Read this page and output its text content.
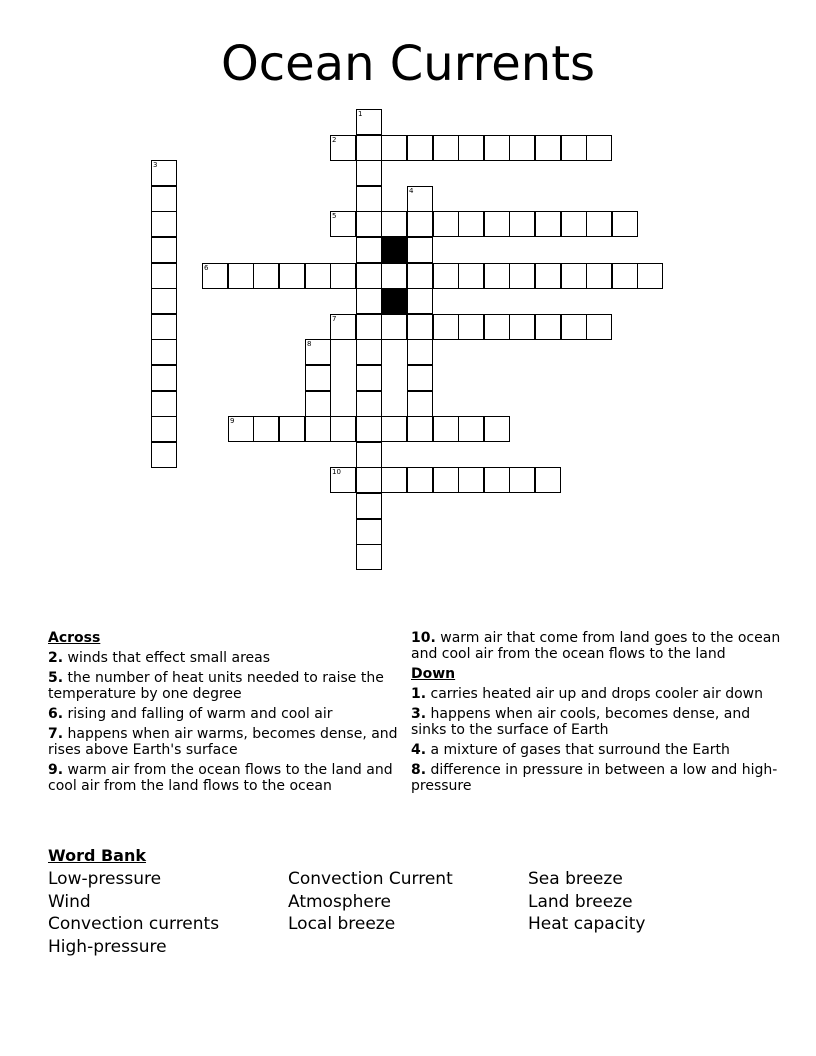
Ocean Currents
1
2
3
4
5
6
7
8
9
10
Across
2. winds that effect small areas
5. the number of heat units needed to raise the temperature by one degree
6. rising and falling of warm and cool air
7. happens when air warms, becomes dense, and rises above Earth's surface
9. warm air from the ocean flows to the land and cool air from the land flows to the ocean
10. warm air that come from land goes to the ocean and cool air from the ocean flows to the land
Down
1. carries heated air up and drops cooler air down
3. happens when air cools, becomes dense, and sinks to the surface of Earth
4. a mixture of gases that surround the Earth
8. difference in pressure in between a low and high-pressure
Word Bank
Low-pressure
Wind
Convection currents
High-pressure
Convection Current
Atmosphere
Local breeze
Sea breeze
Land breeze
Heat capacity
